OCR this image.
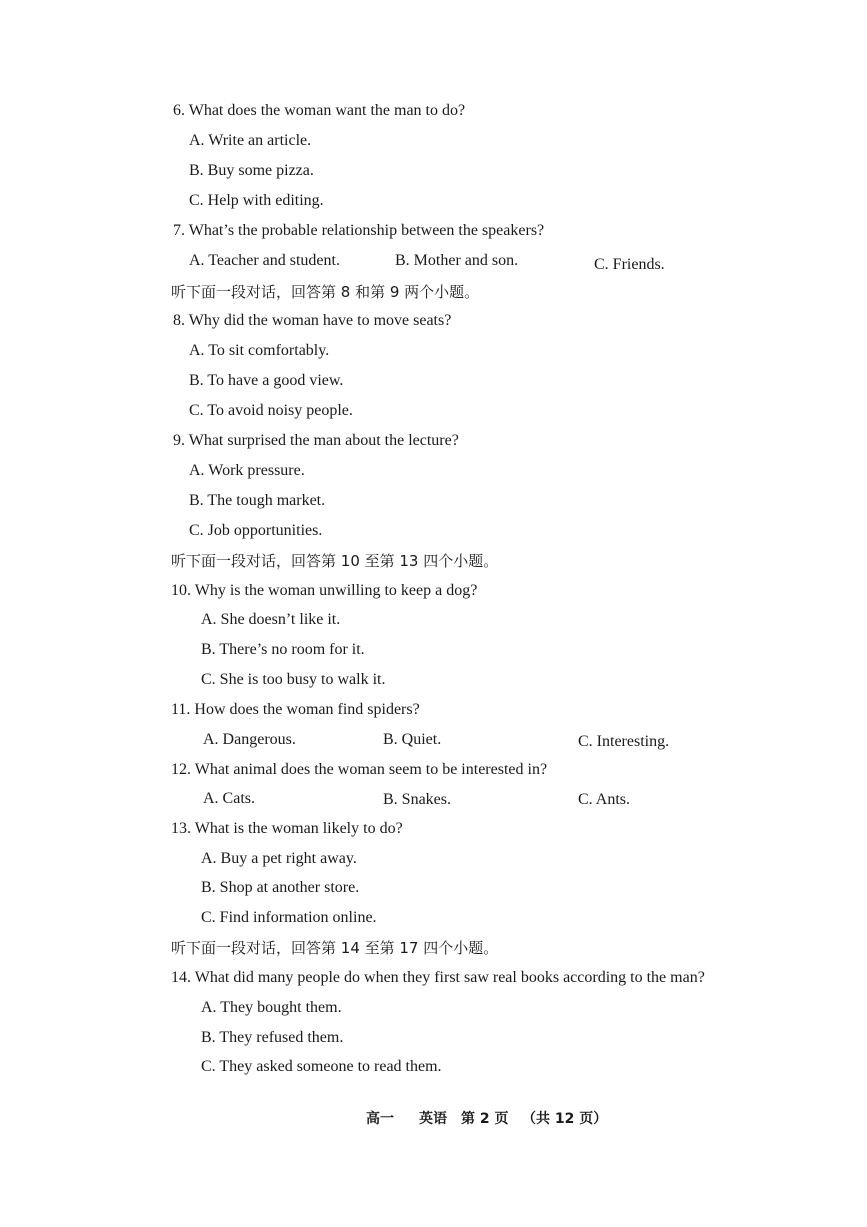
6. What does the woman want the man to do?
A. Write an article.
B. Buy some pizza.
C. Help with editing.
7. What’s the probable relationship between the speakers?
A. Teacher and student.	B. Mother and son.	C. Friends.
听下面一段对话，回答第 8 和第 9 两个小题。
8. Why did the woman have to move seats?
A. To sit comfortably.
B. To have a good view.
C. To avoid noisy people.
9. What surprised the man about the lecture?
A. Work pressure.
B. The tough market.
C. Job opportunities.
听下面一段对话，回答第 10 至第 13 四个小题。
10. Why is the woman unwilling to keep a dog?
A. She doesn’t like it.
B. There’s no room for it.
C. She is too busy to walk it.
11. How does the woman find spiders?
A. Dangerous.	B. Quiet.	C. Interesting.
12. What animal does the woman seem to be interested in?
A. Cats.	B. Snakes.	C. Ants.
13. What is the woman likely to do?
A. Buy a pet right away.
B. Shop at another store.
C. Find information online.
听下面一段对话，回答第 14 至第 17 四个小题。
14. What did many people do when they first saw real books according to the man?
A. They bought them.
B. They refused them.
C. They asked someone to read them.
高一 英语 第 2 页 （共 12 页）
